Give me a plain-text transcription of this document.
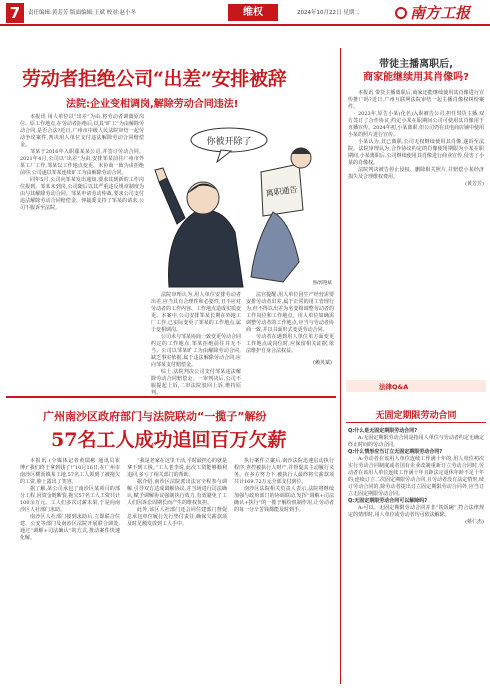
7	责任编辑:黄芳芳 版面编辑:王斌 校对:赵小冬	维权	2024年10月22日 星期二	南方工报
劳动者拒绝公司“出差”安排被辞
法院:企业变相调岗,解除劳动合同违法!

本报讯 用人单位以“出差”为由,将劳动者调离原岗位、原工作地点,在劳动者拒绝后,以其“旷工”为由解除劳动合同,是否合法?近日,广州市中级人民法院审结一起劳动争议案件,判决用人单位支付违法解除劳动合同赔偿金。

邹某于2016年入职鄢某某公司,并签订劳动合同。2021年4月,公司以“出差”为由,安排邹某前往广州市外某工厂工作,邹某以工作地点变更、未协商一致为由拒绝前往,公司遂以邹某连续旷工为由解除劳动合同。

同年5月,公司向邹某发出通知,要求其到新的工作岗位报到。邹某未到岗,公司随后以其严重违反规章制度为由与其解除劳动合同。邹某申请劳动仲裁,要求公司支付违法解除劳动合同赔偿金。仲裁委支持了邹某的请求,公司不服诉至法院。

你被开除了
离职通告
图/郭艳斌

法院审理认为,用人单位安排劳动者出差,应当具有合理性和必要性,且不应对劳动者的工作内容、工作地点造成实质变更。本案中,公司安排邹某长期在外地工厂工作,已实际变更了邹某的工作地点,属于变相调岗。

公司未与邹某协商一致变更劳动合同约定的工作地点,邹某拒绝前往并无不当。公司以邹某旷工为由解除劳动合同,缺乏事实依据,属于违法解除劳动合同,应向邹某支付赔偿金。

综上,法院判决公司支付邹某违法解除劳动合同赔偿金。一审判决后,公司不服提起上诉,二审法院驳回上诉,维持原判。

法官提醒:用人单位因生产经营需要安排劳动者出差,属于正常的用工管理行为,但不得以出差为名变相调整劳动者的工作岗位和工作地点。用人单位如确需调整劳动者的工作地点,应当与劳动者协商一致,并以书面形式变更劳动合同。

劳动者在遇到用人单位单方面变更工作地点或岗位时,应保留相关证据,依法维护自身合法权益。

(赖英斌)
广州南沙区政府部门与法院联动“一揽子”解纷
57名工人成功追回百万欠薪

本报讯 (全媒体记者黄瑞彬 通讯员崔博)“我们终于拿到钱了!”10月16日,在广州市南沙区横沥镇某工地,57名工人领到了被拖欠的工资,脸上露出了笑容。

据了解,某公司承包了南沙区某项目的部分工程,因资金链断裂,拖欠57名工人工资共计100余万元。工人们多次讨薪未果,于是向南沙区人社部门求助。

南沙区人社部门接到求助后,立即联合住建、公安等部门及南沙区法院开展联合调处,通过“调解+司法确认”的方式,推动案件快速化解。

“我是老家在这里干活,平时最担心的就是拿不到工钱。”工人老李说,此次工资能够顺利追回,多亏了相关部门的帮助。

据介绍,南沙区法院派出法官全程参与调解,引导双方达成调解协议,并当场进行司法确认,赋予调解协议强制执行效力,有效避免了工人们因诉讼周期长而产生的维权负担。

此外,该区人社部门还会同住建部门督促总承包单位履行先行垫付责任,确保欠薪款项及时足额发放到工人手中。

执行案件立案后,南沙法院迅速启动执行程序,查控被执行人财产,并督促其主动履行义务。在多方努力下,被执行人最终将欠薪款项共计169.72万元全部支付到位。

南沙区法院相关负责人表示,法院将继续加强与政府部门的协调联动,发挥“调解+司法确认+执行”的一揽子解纷机制作用,让劳动者的每一分辛苦钱都能及时到手。

带徒主播离职后,
商家能继续用其肖像吗?

本报讯 带货主播离职后,商家还能继续使用其肖像进行宣传推广吗?近日,广州互联网法院审结一起主播肖像权纠纷案件。

2023年,原告小某(化名)入职被告公司,担任带货主播,双方签订了合作协议,约定小某在职期间公司可使用其肖像用于直播宣传。2024年初,小某离职,但公司仍在其电商店铺中使用小某的照片进行宣传。

小某认为,其已离职,公司无权继续使用其肖像,遂诉至法院。法院审理认为,合作协议约定的肖像使用期限为小某在职期间,小某离职后,公司继续使用其肖像进行商业宣传,侵害了小某的肖像权。

法院判决被告停止侵权、删除相关照片,并赔偿小某经济损失及合理维权费用。

(黄芳芳)

法律Q&A
无固定期限劳动合同

Q:什么是无固定期限劳动合同?

A:无固定期限劳动合同是指用人单位与劳动者约定无确定终止时间的劳动合同。

Q:什么情形应当订立无固定期限劳动合同?

A:劳动者在该用人单位连续工作满十年的;用人单位初次实行劳动合同制度或者国有企业改制重新订立劳动合同时,劳动者在该用人单位连续工作满十年且距法定退休年龄不足十年的;连续订立二次固定期限劳动合同,且劳动者没有法定情形,续订劳动合同的,除劳动者提出订立固定期限劳动合同外,应当订立无固定期限劳动合同。

Q:无固定期限劳动合同可以解除吗?

A:可以。无固定期限劳动合同并非“铁饭碗”,符合法律规定的情形时,用人单位或劳动者均可依法解除。

(蔡仁杰)
